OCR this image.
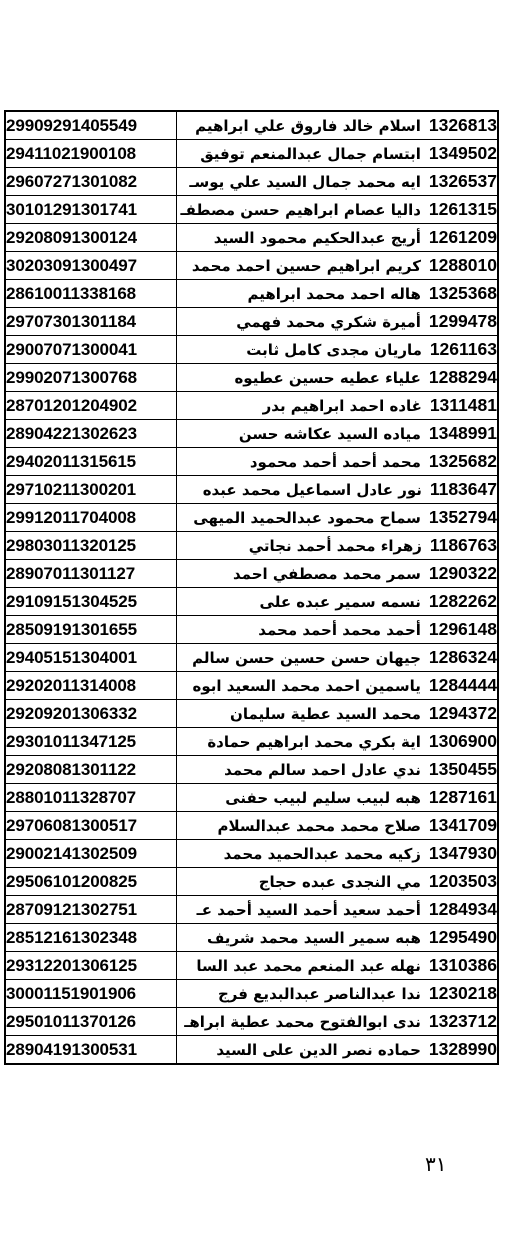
29909291405549	1326813 اسلام خالد فاروق علي ابراهيم
29411021900108	1349502 ابتسام جمال عبدالمنعم توفيق
29607271301082	1326537 ايه محمد جمال السيد علي يوسـ
30101291301741	1261315 داليا عصام ابراهيم حسن مصطفـ
29208091300124	1261209 أريج عبدالحكيم محمود السيد
30203091300497	1288010 كريم ابراهيم حسين احمد محمد
28610011338168	1325368 هاله احمد محمد ابراهيم
29707301301184	1299478 أميرة شكري محمد فهمي
29007071300041	1261163 ماريان مجدى كامل ثابت
29902071300768	1288294 علياء عطيه حسين عطيوه
28701201204902	1311481 غاده احمد ابراهيم بدر
28904221302623	1348991 مياده السيد عكاشه حسن
29402011315615	1325682 محمد أحمد أحمد محمود
29710211300201	1183647 نور عادل اسماعيل محمد عبده
29912011704008	1352794 سماح محمود عبدالحميد الميهى
29803011320125	1186763 زهراء محمد أحمد نجاتي
28907011301127	1290322 سمر محمد مصطفي احمد
29109151304525	1282262 نسمه سمير عبده على
28509191301655	1296148 أحمد محمد أحمد محمد
29405151304001	1286324 جيهان حسن حسين حسن سالم
29202011314008	1284444 ياسمين احمد محمد السعيد ابوه
29209201306332	1294372 محمد السيد عطية سليمان
29301011347125	1306900 اية بكري محمد ابراهيم حمادة
29208081301122	1350455 ندي عادل احمد سالم محمد
28801011328707	1287161 هبه لبيب سليم لبيب حفنى
29706081300517	1341709 صلاح محمد محمد عبدالسلام
29002141302509	1347930 زكيه محمد عبدالحميد محمد
29506101200825	1203503 مي النجدى عبده حجاج
28709121302751	1284934 أحمد سعيد أحمد السيد أحمد عـ
28512161302348	1295490 هبه سمير السيد محمد شريف
29312201306125	1310386 نهله عبد المنعم محمد عبد السا
30001151901906	1230218 ندا عبدالناصر عبدالبديع فرج
29501011370126	1323712 ندى ابوالفتوح محمد عطية ابراهـ
28904191300531	1328990 حماده نصر الدين على السيد
٣١
